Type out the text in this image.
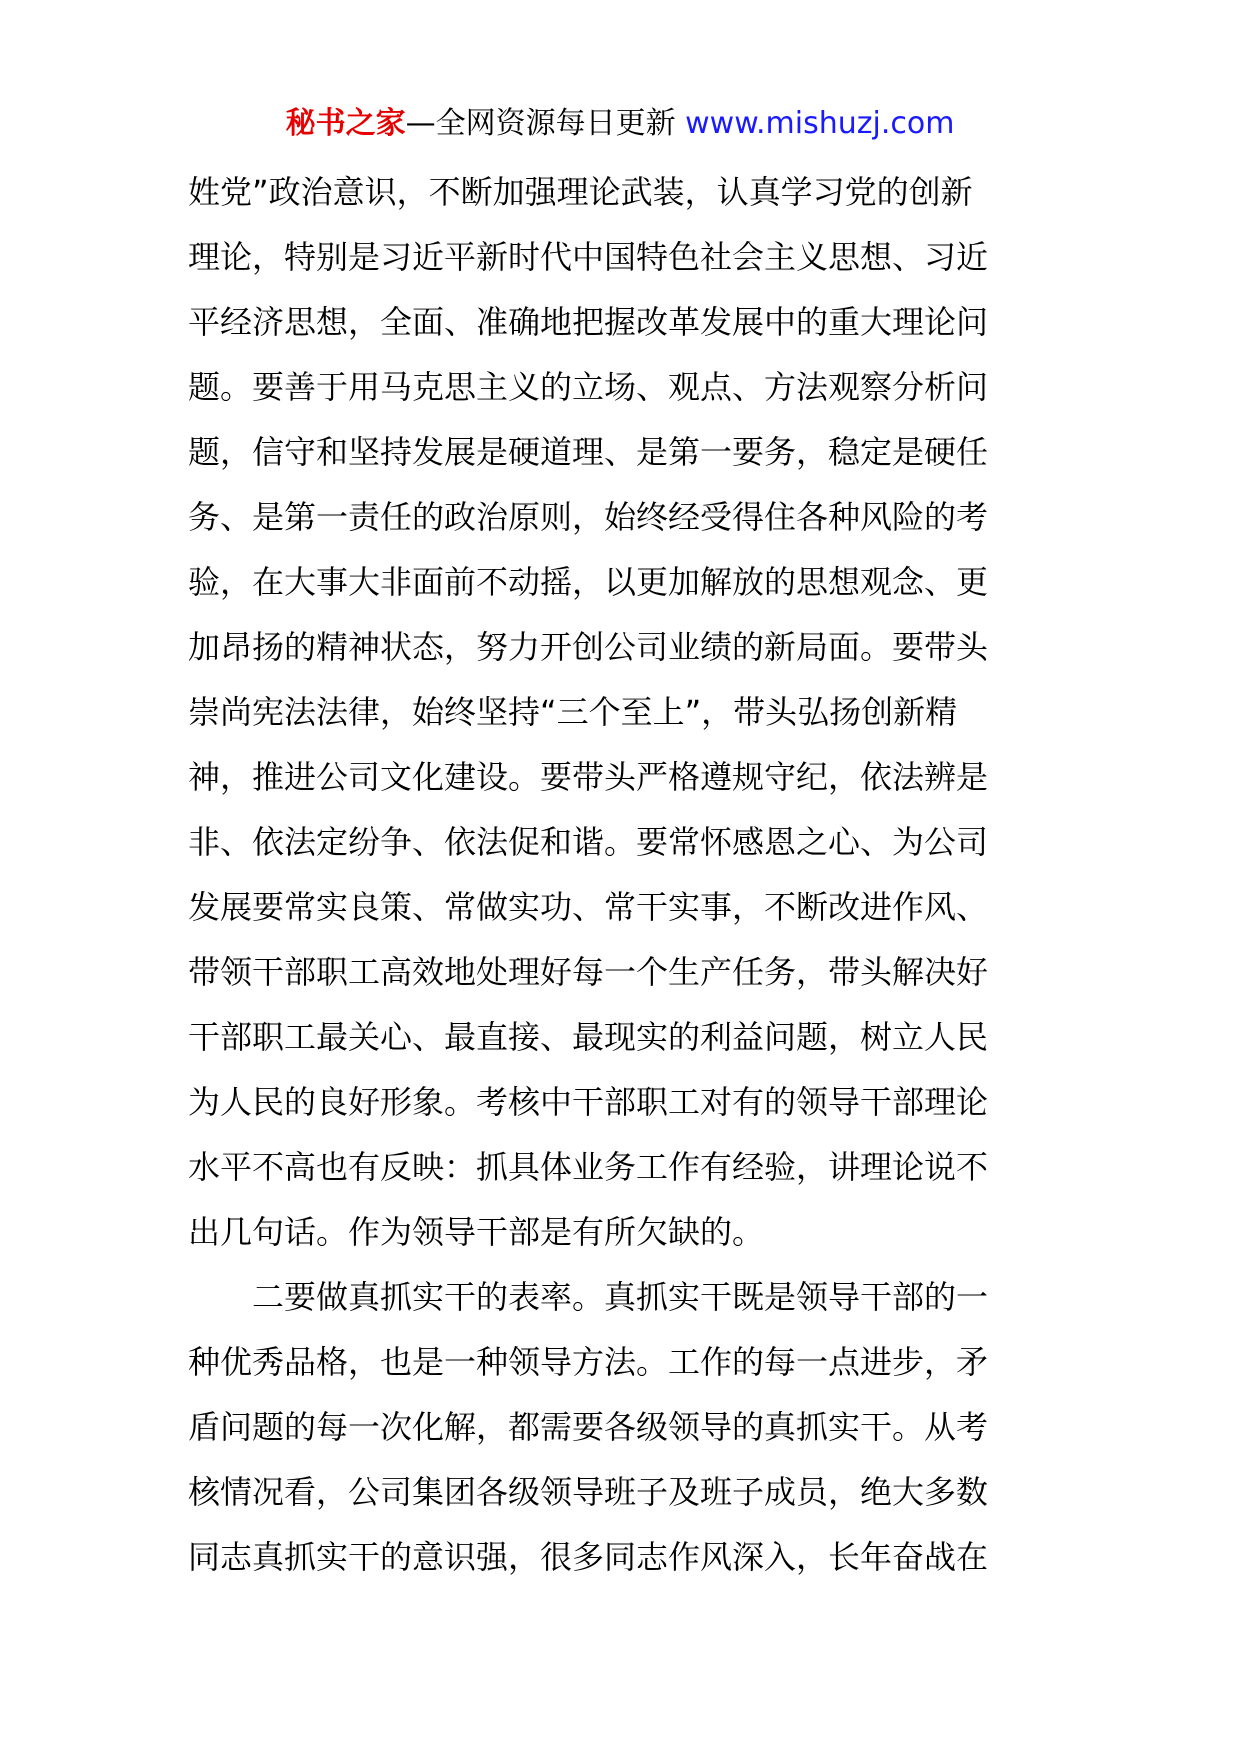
秘书之家—全网资源每日更新 www.mishuzj.com
姓党”政治意识，不断加强理论武装，认真学习党的创新
理论，特别是习近平新时代中国特色社会主义思想、习近
平经济思想，全面、准确地把握改革发展中的重大理论问
题。要善于用马克思主义的立场、观点、方法观察分析问
题，信守和坚持发展是硬道理、是第一要务，稳定是硬任
务、是第一责任的政治原则，始终经受得住各种风险的考
验，在大事大非面前不动摇，以更加解放的思想观念、更
加昂扬的精神状态，努力开创公司业绩的新局面。要带头
崇尚宪法法律，始终坚持“三个至上”，带头弘扬创新精
神，推进公司文化建设。要带头严格遵规守纪，依法辨是
非、依法定纷争、依法促和谐。要常怀感恩之心、为公司
发展要常实良策、常做实功、常干实事，不断改进作风、
带领干部职工高效地处理好每一个生产任务，带头解决好
干部职工最关心、最直接、最现实的利益问题，树立人民
为人民的良好形象。考核中干部职工对有的领导干部理论
水平不高也有反映：抓具体业务工作有经验，讲理论说不
出几句话。作为领导干部是有所欠缺的。
　　二要做真抓实干的表率。真抓实干既是领导干部的一
种优秀品格，也是一种领导方法。工作的每一点进步，矛
盾问题的每一次化解，都需要各级领导的真抓实干。从考
核情况看，公司集团各级领导班子及班子成员，绝大多数
同志真抓实干的意识强，很多同志作风深入，长年奋战在
